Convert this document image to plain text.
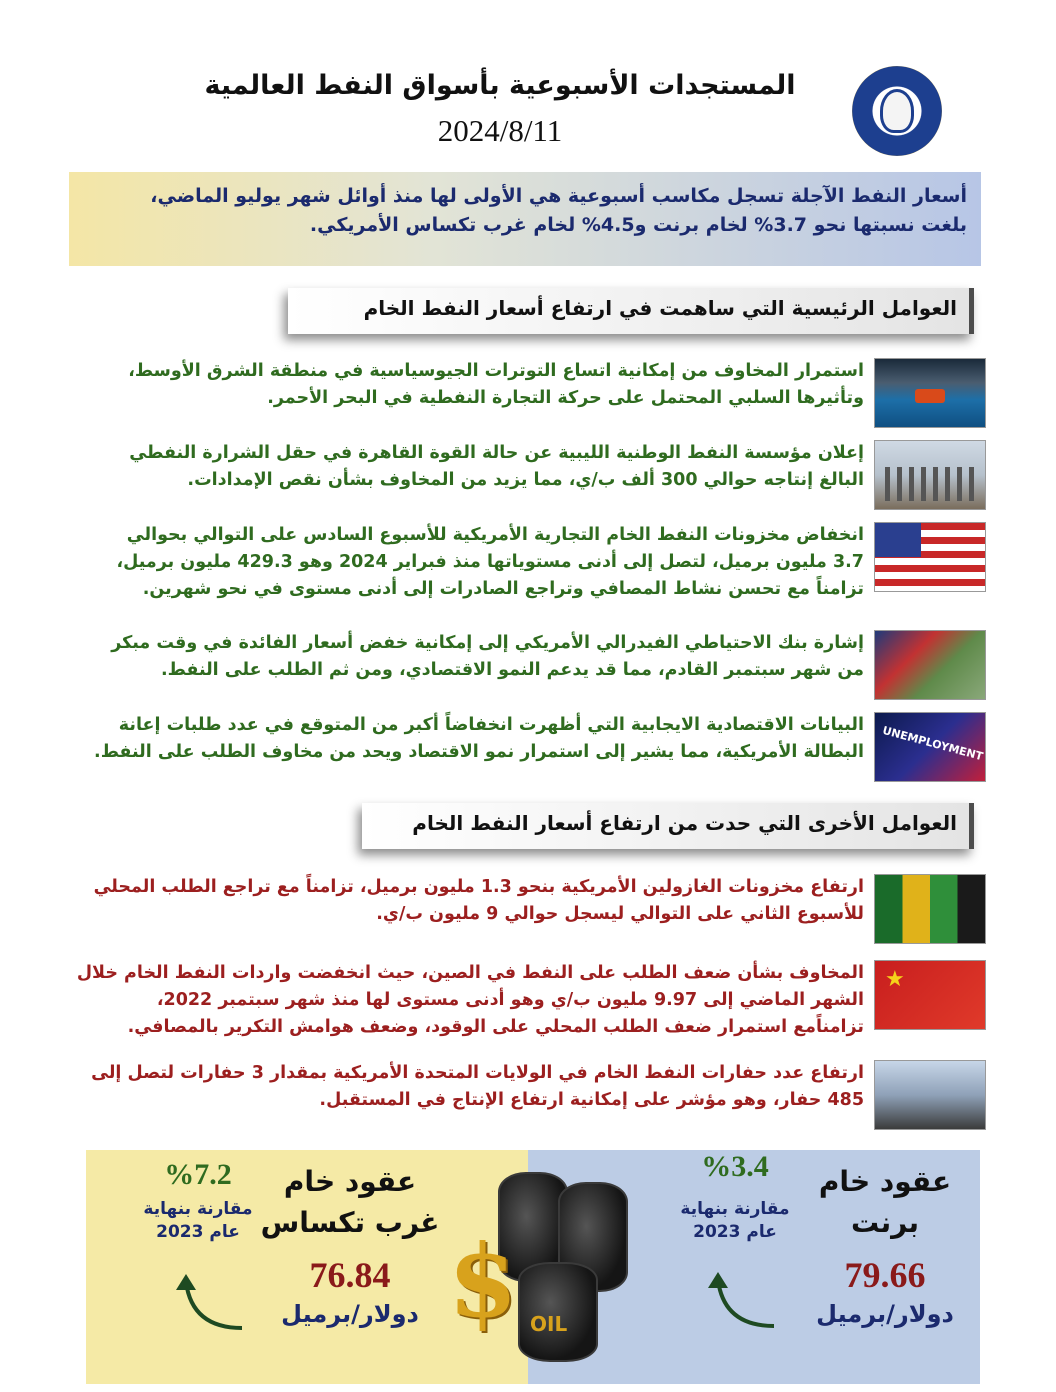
المستجدات الأسبوعية بأسواق النفط العالمية
2024/8/11

أسعار النفط الآجلة تسجل مكاسب أسبوعية هي الأولى لها منذ أوائل شهر يوليو الماضي،

بلغت نسبتها نحو 3.7% لخام برنت و4.5% لخام غرب تكساس الأمريكي.

العوامل الرئيسية التي ساهمت في ارتفاع أسعار النفط الخام
استمرار المخاوف من إمكانية اتساع التوترات الجيوسياسية في منطقة الشرق الأوسط،
وتأثيرها السلبي المحتمل على حركة التجارة النفطية في البحر الأحمر.
إعلان مؤسسة النفط الوطنية الليبية عن حالة القوة القاهرة في حقل الشرارة النفطي
البالغ إنتاجه حوالي 300 ألف ب/ي، مما يزيد من المخاوف بشأن نقص الإمدادات.
انخفاض مخزونات النفط الخام التجارية الأمريكية للأسبوع السادس على التوالي بحوالي
3.7 مليون برميل، لتصل إلى أدنى مستوياتها منذ فبراير 2024 وهو 429.3 مليون برميل،
تزامناً مع تحسن نشاط المصافي وتراجع الصادرات إلى أدنى مستوى في نحو شهرين.
إشارة بنك الاحتياطي الفيدرالي الأمريكي إلى إمكانية خفض أسعار الفائدة في وقت مبكر
من شهر سبتمبر القادم، مما قد يدعم النمو الاقتصادي، ومن ثم الطلب على النفط.
UNEMPLOYMENT
البيانات الاقتصادية الايجابية التي أظهرت انخفاضاً أكبر من المتوقع في عدد طلبات إعانة
البطالة الأمريكية، مما يشير إلى استمرار نمو الاقتصاد ويحد من مخاوف الطلب على النفط.
العوامل الأخرى التي حدت من ارتفاع أسعار النفط الخام
ارتفاع مخزونات الغازولين الأمريكية بنحو 1.3 مليون برميل، تزامناً مع تراجع الطلب المحلي
للأسبوع الثاني على التوالي ليسجل حوالي 9 مليون ب/ي.
★
المخاوف بشأن ضعف الطلب على النفط في الصين، حيث انخفضت واردات النفط الخام خلال
الشهر الماضي إلى 9.97 مليون ب/ي وهو أدنى مستوى لها منذ شهر سبتمبر 2022،
تزامناًمع استمرار ضعف الطلب المحلي على الوقود، وضعف هوامش التكرير بالمصافي.
ارتفاع عدد حفارات النفط الخام في الولايات المتحدة الأمريكية بمقدار 3 حفارات لتصل إلى
485 حفار، وهو مؤشر على إمكانية ارتفاع الإنتاج في المستقبل.
$ OIL
عقود خام
غرب تكساس
76.84
دولار/برميل
%7.2
مقارنة بنهاية
عام 2023
عقود خام
برنت
79.66
دولار/برميل
%3.4
مقارنة بنهاية
عام 2023
